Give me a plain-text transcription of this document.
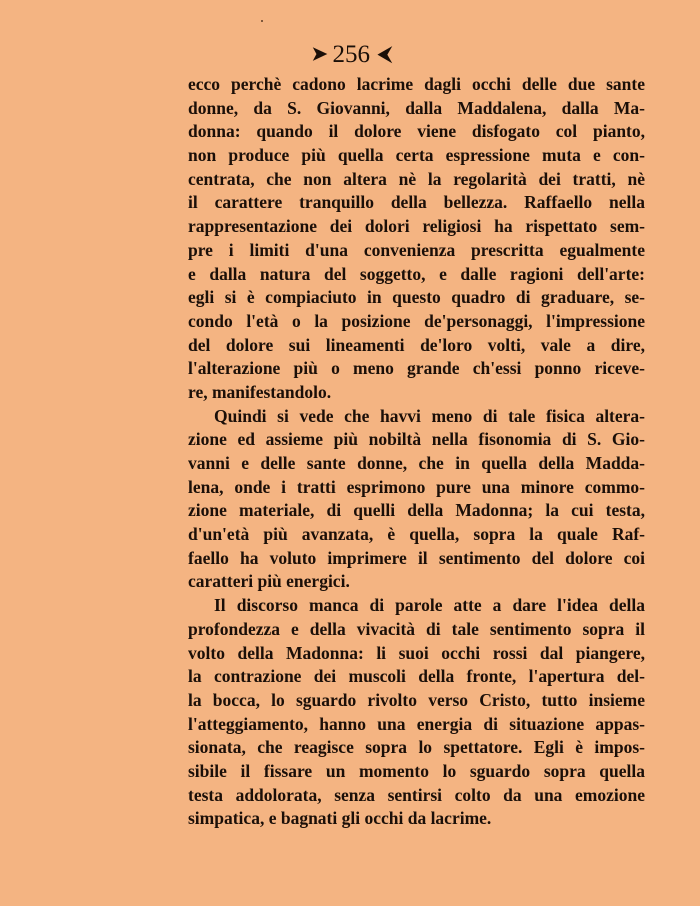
➤ 256 ⮜
ecco perchè cadono lacrime dagli occhi delle due sante
donne, da S. Giovanni, dalla Maddalena, dalla Ma-
donna: quando il dolore viene disfogato col pianto,
non produce più quella certa espressione muta e con-
centrata, che non altera nè la regolarità dei tratti, nè
il carattere tranquillo della bellezza. Raffaello nella
rappresentazione dei dolori religiosi ha rispettato sem-
pre i limiti d'una convenienza prescritta egualmente
e dalla natura del soggetto, e dalle ragioni dell'arte:
egli si è compiaciuto in questo quadro di graduare, se-
condo l'età o la posizione de'personaggi, l'impressione
del dolore sui lineamenti de'loro volti, vale a dire,
l'alterazione più o meno grande ch'essi ponno riceve-
re, manifestandolo.
Quindi si vede che havvi meno di tale fisica altera-
zione ed assieme più nobiltà nella fisonomia di S. Gio-
vanni e delle sante donne, che in quella della Madda-
lena, onde i tratti esprimono pure una minore commo-
zione materiale, di quelli della Madonna; la cui testa,
d'un'età più avanzata, è quella, sopra la quale Raf-
faello ha voluto imprimere il sentimento del dolore coi
caratteri più energici.
Il discorso manca di parole atte a dare l'idea della
profondezza e della vivacità di tale sentimento sopra il
volto della Madonna: li suoi occhi rossi dal piangere,
la contrazione dei muscoli della fronte, l'apertura del-
la bocca, lo sguardo rivolto verso Cristo, tutto insieme
l'atteggiamento, hanno una energia di situazione appas-
sionata, che reagisce sopra lo spettatore. Egli è impos-
sibile il fissare un momento lo sguardo sopra quella
testa addolorata, senza sentirsi colto da una emozione
simpatica, e bagnati gli occhi da lacrime.
